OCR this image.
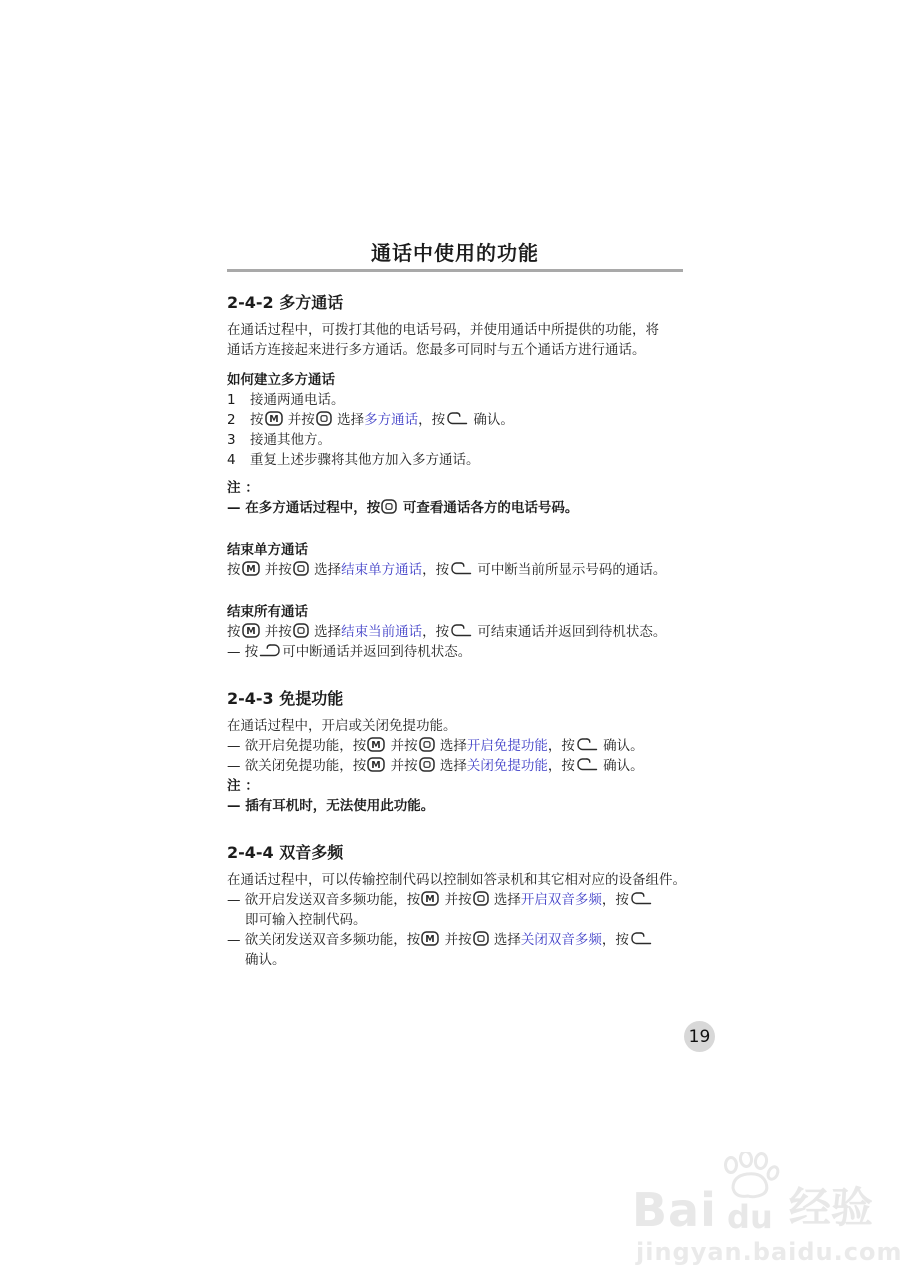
通话中使用的功能
2-4-2 多方通话
在通话过程中，可拨打其他的电话号码，并使用通话中所提供的功能，将
通话方连接起来进行多方通话。您最多可同时与五个通话方进行通话。
如何建立多方通话
1	接通两通电话。
2	按 M 并按 选择多方通话，按 确认。
3	接通其他方。
4	重复上述步骤将其他方加入多方通话。
注 ：
— 在多方通话过程中，按 可查看通话各方的电话号码。
结束单方通话
按 M 并按 选择结束单方通话，按 可中断当前所显示号码的通话。
结束所有通话
按 M 并按 选择结束当前通话，按 可结束通话并返回到待机状态。
— 按 可中断通话并返回到待机状态。
2-4-3 免提功能
在通话过程中，开启或关闭免提功能。
— 欲开启免提功能，按 M 并按 选择开启免提功能，按 确认。
— 欲关闭免提功能，按 M 并按 选择关闭免提功能，按 确认。
注 ：
— 插有耳机时，无法使用此功能。
2-4-4 双音多频
在通话过程中，可以传输控制代码以控制如答录机和其它相对应的设备组件。
— 欲开启发送双音多频功能，按 M 并按 选择开启双音多频，按
即可输入控制代码。
— 欲关闭发送双音多频功能，按 M 并按 选择关闭双音多频，按
确认。
19
Bai du 经验
jingyan.baidu.com
